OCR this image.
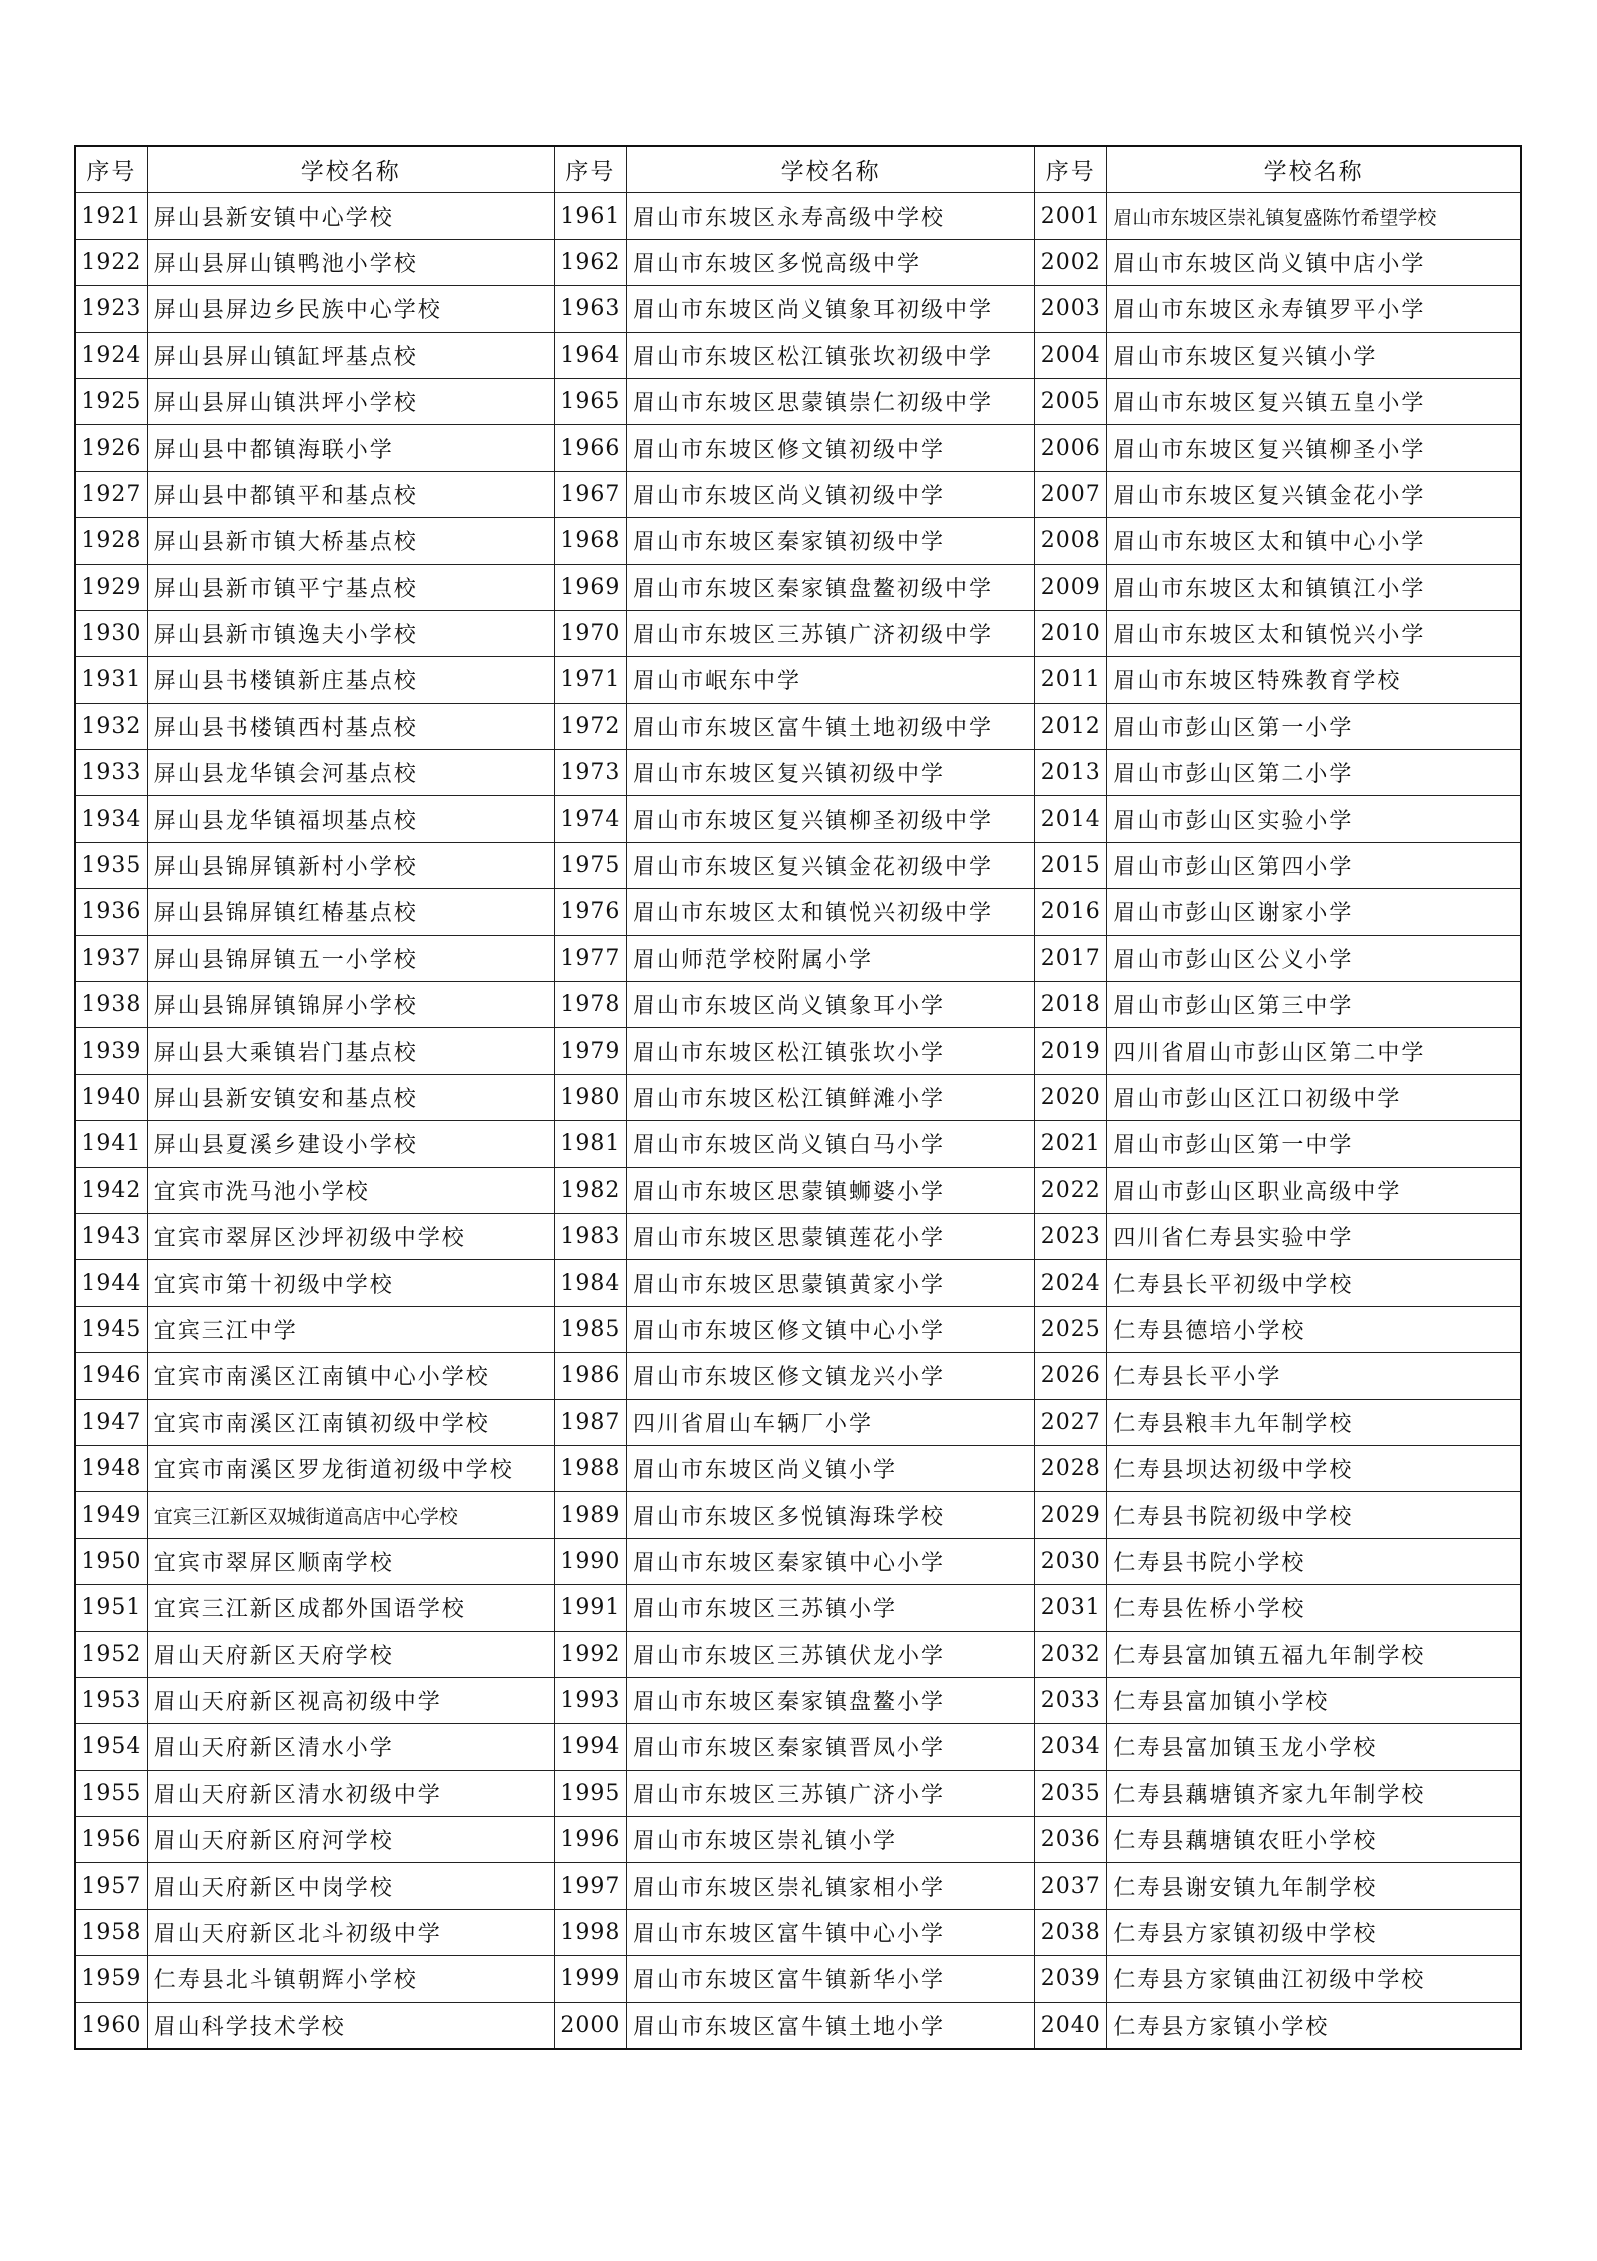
序号	学校名称	序号	学校名称	序号	学校名称
1921	屏山县新安镇中心学校	1961	眉山市东坡区永寿高级中学校	2001	眉山市东坡区崇礼镇复盛陈竹希望学校
1922	屏山县屏山镇鸭池小学校	1962	眉山市东坡区多悦高级中学	2002	眉山市东坡区尚义镇中店小学
1923	屏山县屏边乡民族中心学校	1963	眉山市东坡区尚义镇象耳初级中学	2003	眉山市东坡区永寿镇罗平小学
1924	屏山县屏山镇缸坪基点校	1964	眉山市东坡区松江镇张坎初级中学	2004	眉山市东坡区复兴镇小学
1925	屏山县屏山镇洪坪小学校	1965	眉山市东坡区思蒙镇崇仁初级中学	2005	眉山市东坡区复兴镇五皇小学
1926	屏山县中都镇海联小学	1966	眉山市东坡区修文镇初级中学	2006	眉山市东坡区复兴镇柳圣小学
1927	屏山县中都镇平和基点校	1967	眉山市东坡区尚义镇初级中学	2007	眉山市东坡区复兴镇金花小学
1928	屏山县新市镇大桥基点校	1968	眉山市东坡区秦家镇初级中学	2008	眉山市东坡区太和镇中心小学
1929	屏山县新市镇平宁基点校	1969	眉山市东坡区秦家镇盘鳌初级中学	2009	眉山市东坡区太和镇镇江小学
1930	屏山县新市镇逸夫小学校	1970	眉山市东坡区三苏镇广济初级中学	2010	眉山市东坡区太和镇悦兴小学
1931	屏山县书楼镇新庄基点校	1971	眉山市岷东中学	2011	眉山市东坡区特殊教育学校
1932	屏山县书楼镇西村基点校	1972	眉山市东坡区富牛镇土地初级中学	2012	眉山市彭山区第一小学
1933	屏山县龙华镇会河基点校	1973	眉山市东坡区复兴镇初级中学	2013	眉山市彭山区第二小学
1934	屏山县龙华镇福坝基点校	1974	眉山市东坡区复兴镇柳圣初级中学	2014	眉山市彭山区实验小学
1935	屏山县锦屏镇新村小学校	1975	眉山市东坡区复兴镇金花初级中学	2015	眉山市彭山区第四小学
1936	屏山县锦屏镇红椿基点校	1976	眉山市东坡区太和镇悦兴初级中学	2016	眉山市彭山区谢家小学
1937	屏山县锦屏镇五一小学校	1977	眉山师范学校附属小学	2017	眉山市彭山区公义小学
1938	屏山县锦屏镇锦屏小学校	1978	眉山市东坡区尚义镇象耳小学	2018	眉山市彭山区第三中学
1939	屏山县大乘镇岩门基点校	1979	眉山市东坡区松江镇张坎小学	2019	四川省眉山市彭山区第二中学
1940	屏山县新安镇安和基点校	1980	眉山市东坡区松江镇鲜滩小学	2020	眉山市彭山区江口初级中学
1941	屏山县夏溪乡建设小学校	1981	眉山市东坡区尚义镇白马小学	2021	眉山市彭山区第一中学
1942	宜宾市洗马池小学校	1982	眉山市东坡区思蒙镇蛳婆小学	2022	眉山市彭山区职业高级中学
1943	宜宾市翠屏区沙坪初级中学校	1983	眉山市东坡区思蒙镇莲花小学	2023	四川省仁寿县实验中学
1944	宜宾市第十初级中学校	1984	眉山市东坡区思蒙镇黄家小学	2024	仁寿县长平初级中学校
1945	宜宾三江中学	1985	眉山市东坡区修文镇中心小学	2025	仁寿县德培小学校
1946	宜宾市南溪区江南镇中心小学校	1986	眉山市东坡区修文镇龙兴小学	2026	仁寿县长平小学
1947	宜宾市南溪区江南镇初级中学校	1987	四川省眉山车辆厂小学	2027	仁寿县粮丰九年制学校
1948	宜宾市南溪区罗龙街道初级中学校	1988	眉山市东坡区尚义镇小学	2028	仁寿县坝达初级中学校
1949	宜宾三江新区双城街道高店中心学校	1989	眉山市东坡区多悦镇海珠学校	2029	仁寿县书院初级中学校
1950	宜宾市翠屏区顺南学校	1990	眉山市东坡区秦家镇中心小学	2030	仁寿县书院小学校
1951	宜宾三江新区成都外国语学校	1991	眉山市东坡区三苏镇小学	2031	仁寿县佐桥小学校
1952	眉山天府新区天府学校	1992	眉山市东坡区三苏镇伏龙小学	2032	仁寿县富加镇五福九年制学校
1953	眉山天府新区视高初级中学	1993	眉山市东坡区秦家镇盘鳌小学	2033	仁寿县富加镇小学校
1954	眉山天府新区清水小学	1994	眉山市东坡区秦家镇晋凤小学	2034	仁寿县富加镇玉龙小学校
1955	眉山天府新区清水初级中学	1995	眉山市东坡区三苏镇广济小学	2035	仁寿县藕塘镇齐家九年制学校
1956	眉山天府新区府河学校	1996	眉山市东坡区崇礼镇小学	2036	仁寿县藕塘镇农旺小学校
1957	眉山天府新区中岗学校	1997	眉山市东坡区崇礼镇家相小学	2037	仁寿县谢安镇九年制学校
1958	眉山天府新区北斗初级中学	1998	眉山市东坡区富牛镇中心小学	2038	仁寿县方家镇初级中学校
1959	仁寿县北斗镇朝辉小学校	1999	眉山市东坡区富牛镇新华小学	2039	仁寿县方家镇曲江初级中学校
1960	眉山科学技术学校	2000	眉山市东坡区富牛镇土地小学	2040	仁寿县方家镇小学校
